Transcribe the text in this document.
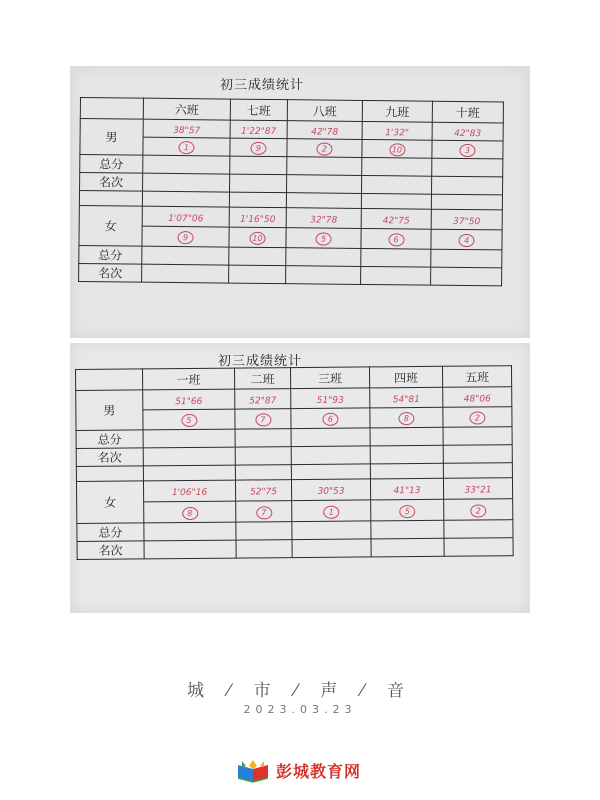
初三成绩统计
	六班	七班	八班	九班	十班
男	38"57	1'22"87	42"78	1'32"	42"83
	1	9	2	10	3
总分					
名次					

女	1'07"06	1'16"50	32"78	42"75	37"50
	9	10	5	6	4
总分					
名次					
初三成绩统计
	一班	二班	三班	四班	五班
男	51"66	52"87	51"93	54"81	48"06
	5	7	6	8	2
总分					
名次					

女	1'06"16	52"75	30"53	41"13	33"21
	8	7	1	5	2
总分					
名次					
城 ⁄ 市 ⁄ 声 ⁄ 音
2023.03.23
彭城教育网
